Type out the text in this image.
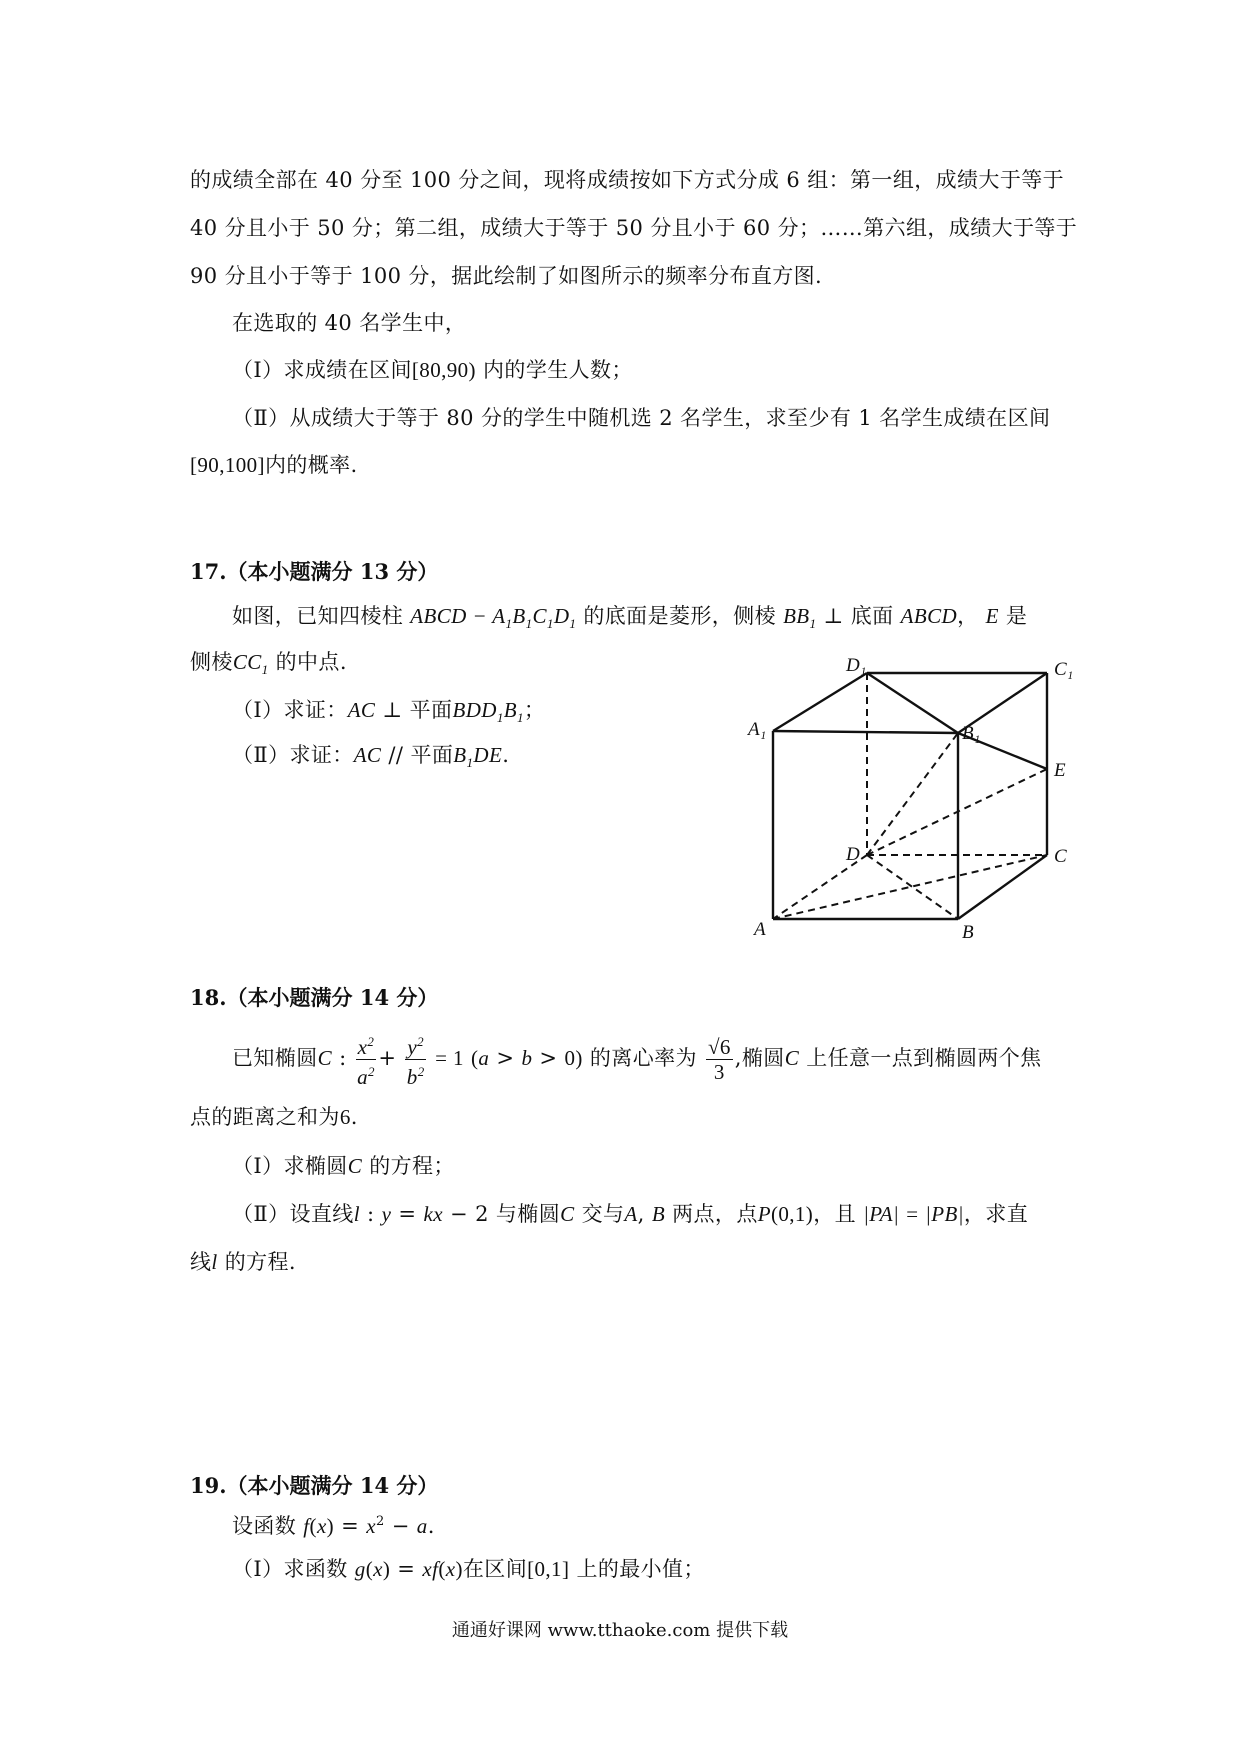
的成绩全部在 40 分至 100 分之间，现将成绩按如下方式分成 6 组：第一组，成绩大于等于
40 分且小于 50 分；第二组，成绩大于等于 50 分且小于 60 分；……第六组，成绩大于等于
90 分且小于等于 100 分，据此绘制了如图所示的频率分布直方图.
在选取的 40 名学生中，
（Ⅰ）求成绩在区间[80,90) 内的学生人数；
（Ⅱ）从成绩大于等于 80 分的学生中随机选 2 名学生，求至少有 1 名学生成绩在区间
[90,100]内的概率.
17.（本小题满分 13 分）
如图，已知四棱柱 ABCD − $A_1B_1C_1D_1$ 的底面是菱形，侧棱 $BB_1$ ⊥ 底面 ABCD， E 是
侧棱$CC_1$ 的中点.
（Ⅰ）求证：AC ⊥ 平面$BDD_1B_1$；
（Ⅱ）求证：AC // 平面$B_1DE$.
D₁	C₁
A₁	B₁
E
D	C
A	B
18.（本小题满分 14 分）
已知椭圆C : $\frac{x^2}{a^2} + \frac{y^2}{b^2} = 1$ (a > b > 0) 的离心率为 $\frac{√6}{3}$ ,椭圆C 上任意一点到椭圆两个焦
点的距离之和为6.
（Ⅰ）求椭圆C 的方程；
（Ⅱ）设直线l : y = kx − 2 与椭圆C 交与A, B 两点，点P(0,1)，且 |PA| = |PB|，求直
线l 的方程.
19.（本小题满分 14 分）
设函数 $f(x) = x^2 - a$.
（Ⅰ）求函数 g(x) = xf(x)在区间[0,1] 上的最小值；
通通好课网 www.tthaoke.com 提供下载
